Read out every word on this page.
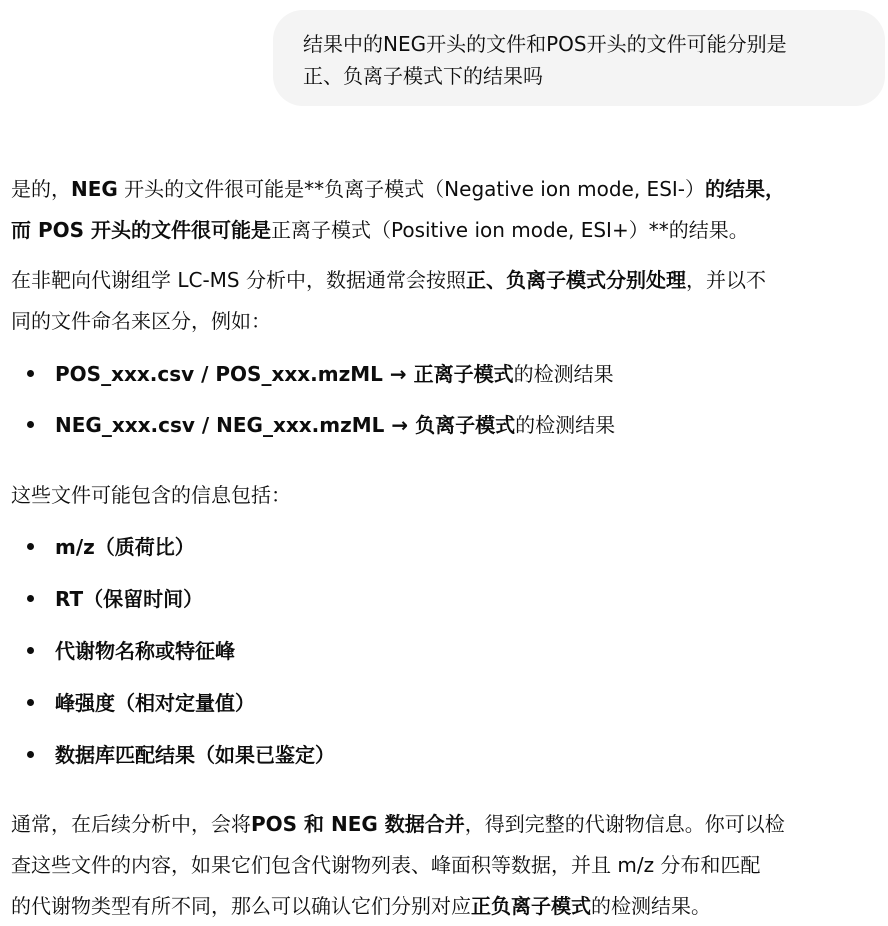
结果中的NEG开头的文件和POS开头的文件可能分别是
正、负离子模式下的结果吗
是的，NEG 开头的文件很可能是**负离子模式（Negative ion mode, ESI-）的结果，
而 POS 开头的文件很可能是正离子模式（Positive ion mode, ESI+）**的结果。
在非靶向代谢组学 LC-MS 分析中，数据通常会按照正、负离子模式分别处理，并以不
同的文件命名来区分，例如：
POS_xxx.csv / POS_xxx.mzML → 正离子模式的检测结果
NEG_xxx.csv / NEG_xxx.mzML → 负离子模式的检测结果
这些文件可能包含的信息包括：
m/z（质荷比）
RT（保留时间）
代谢物名称或特征峰
峰强度（相对定量值）
数据库匹配结果（如果已鉴定）
通常，在后续分析中，会将POS 和 NEG 数据合并，得到完整的代谢物信息。你可以检
查这些文件的内容，如果它们包含代谢物列表、峰面积等数据，并且 m/z 分布和匹配
的代谢物类型有所不同，那么可以确认它们分别对应正负离子模式的检测结果。
